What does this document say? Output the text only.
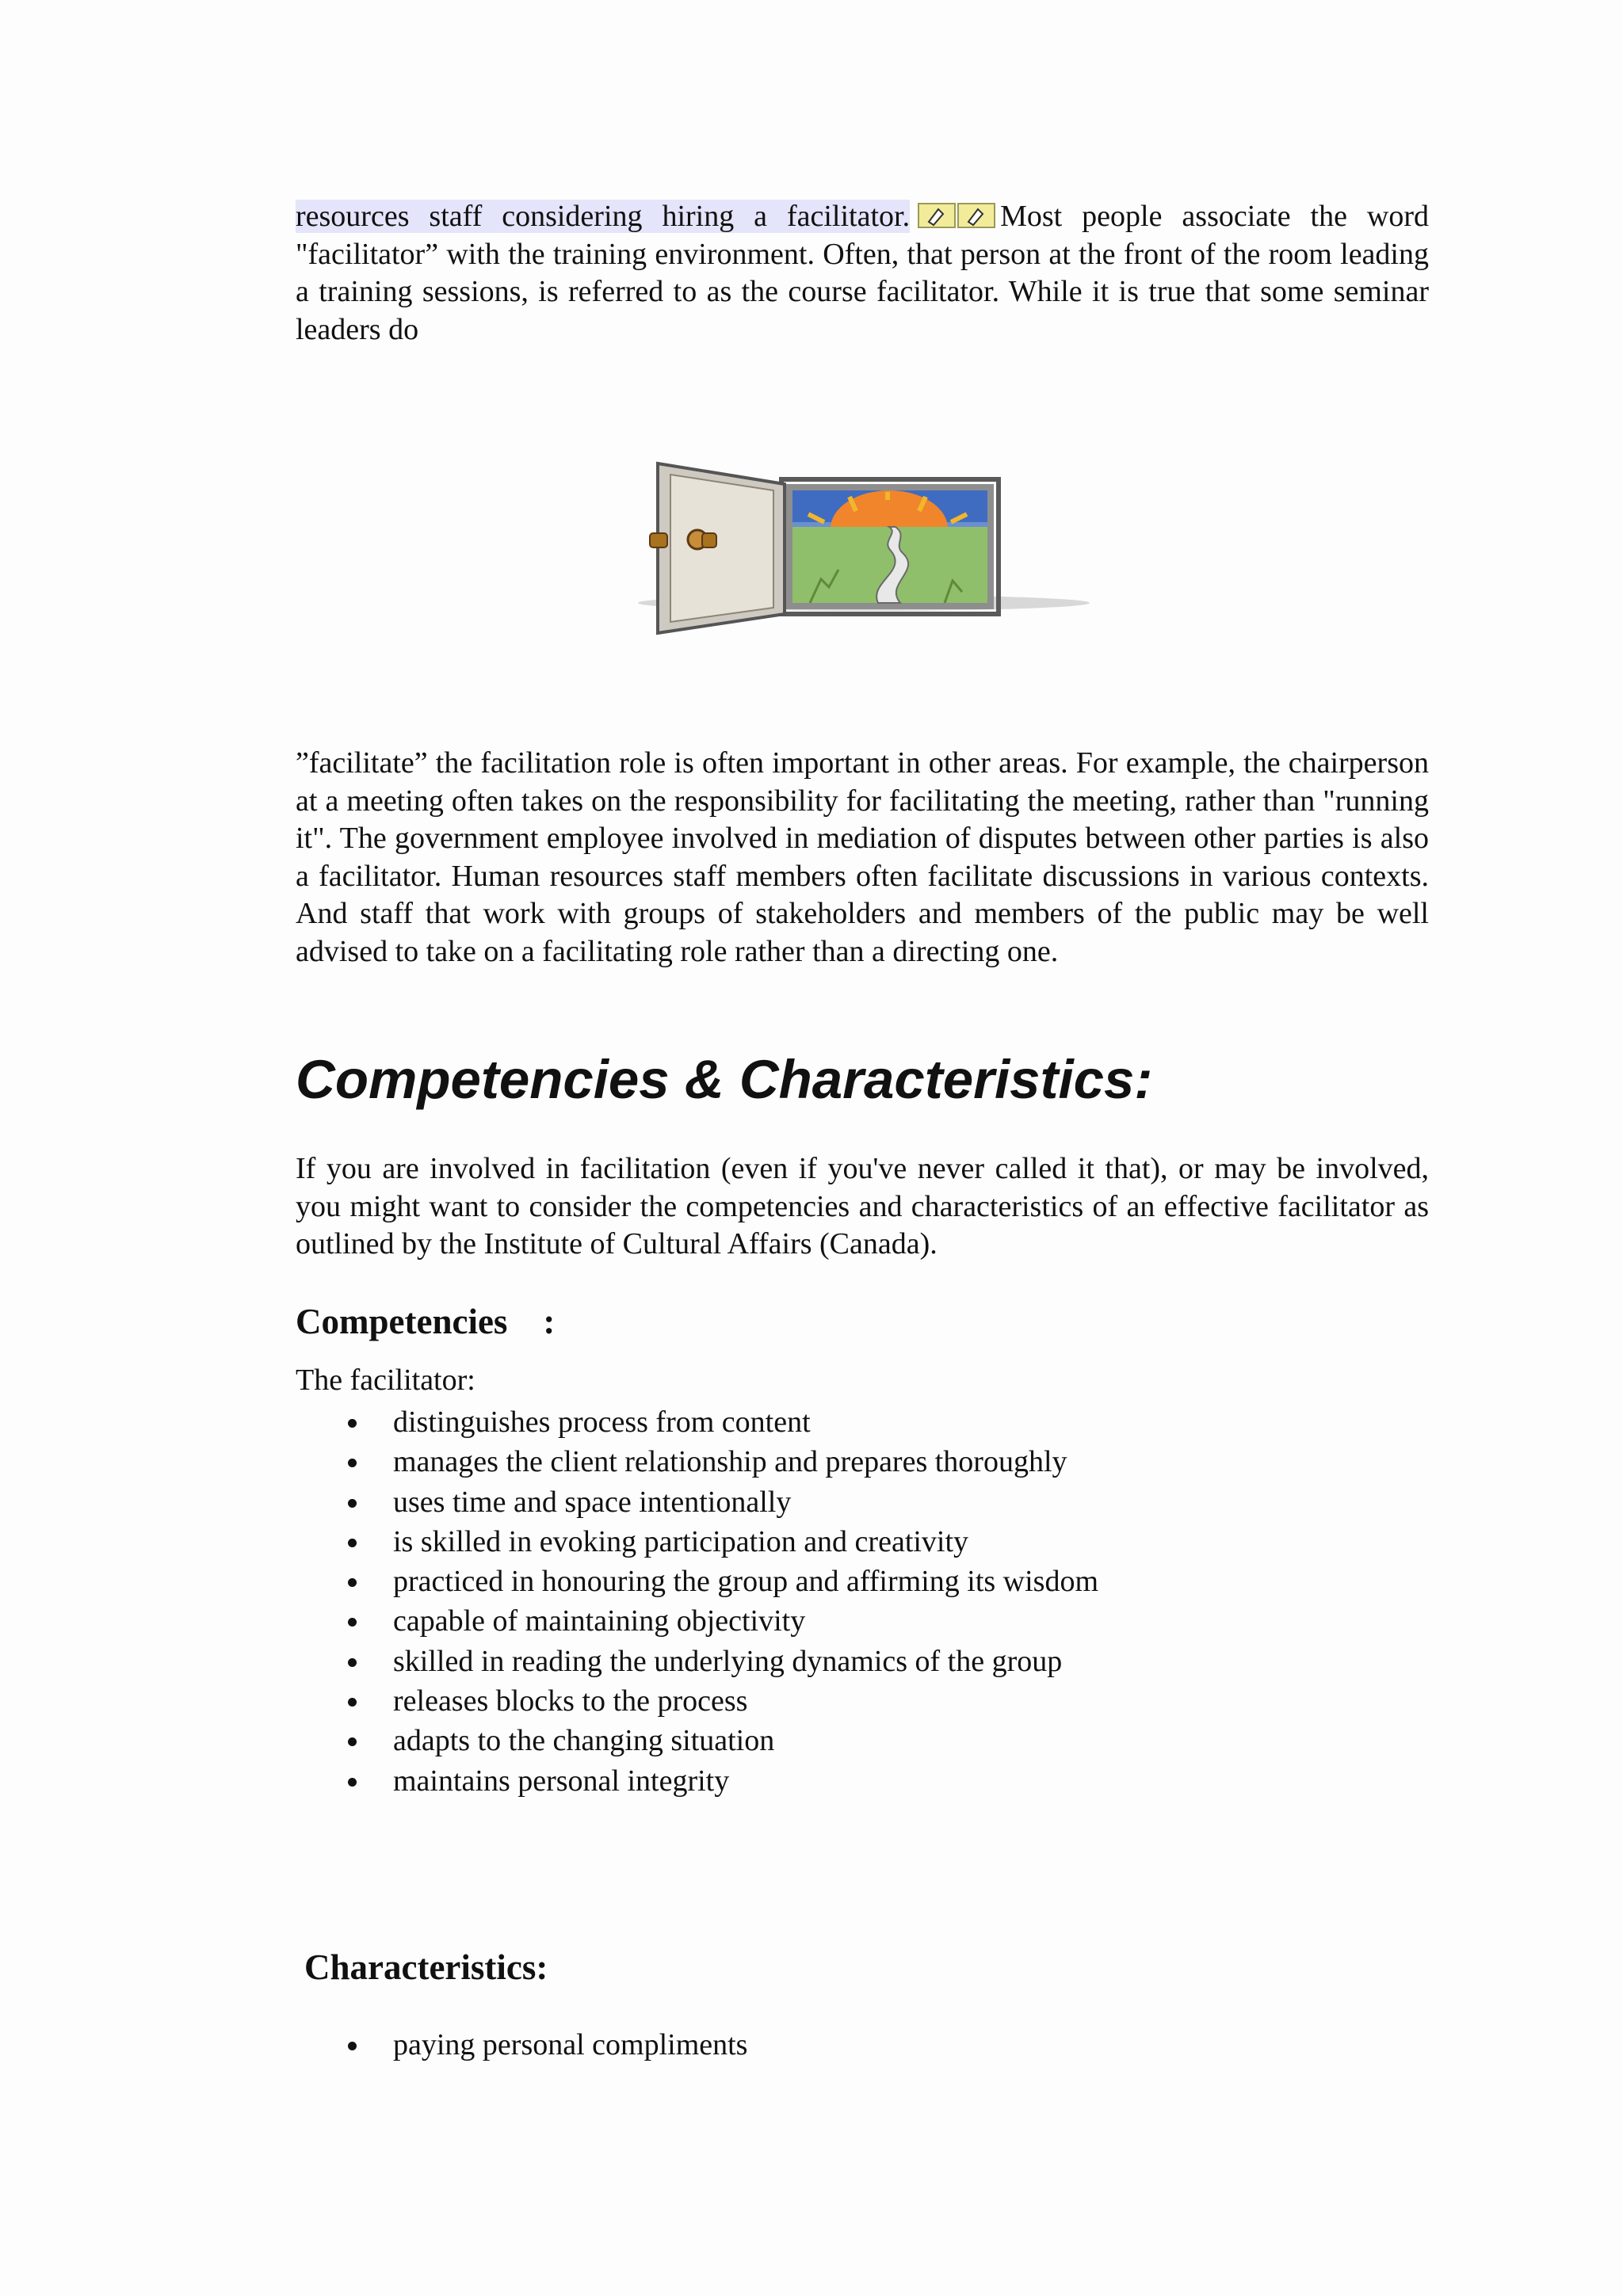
resources staff considering hiring a facilitator.	Most people associate the word "facilitator” with the training environment. Often, that person at the front of the room leading a training sessions, is referred to as the course facilitator. While it is true that some seminar leaders do

”facilitate” the facilitation role is often important in other areas. For example, the chairperson at a meeting often takes on the responsibility for facilitating the meeting, rather than "running it". The government employee involved in mediation of disputes between other parties is also a facilitator. Human resources staff members often facilitate discussions in various contexts. And staff that work with groups of stakeholders and members of the public may be well advised to take on a facilitating role rather than a directing one.

Competencies & Characteristics:

If you are involved in facilitation (even if you've never called it that), or may be involved, you might want to consider the competencies and characteristics of an effective facilitator as outlined by the Institute of Cultural Affairs (Canada).

Competencies    :

The facilitator:

distinguishes process from content
manages the client relationship and prepares thoroughly
uses time and space intentionally
is skilled in evoking participation and creativity
practiced in honouring the group and affirming its wisdom
capable of maintaining objectivity
skilled in reading the underlying dynamics of the group
releases blocks to the process
adapts to the changing situation
maintains personal integrity
Characteristics:
paying personal compliments
